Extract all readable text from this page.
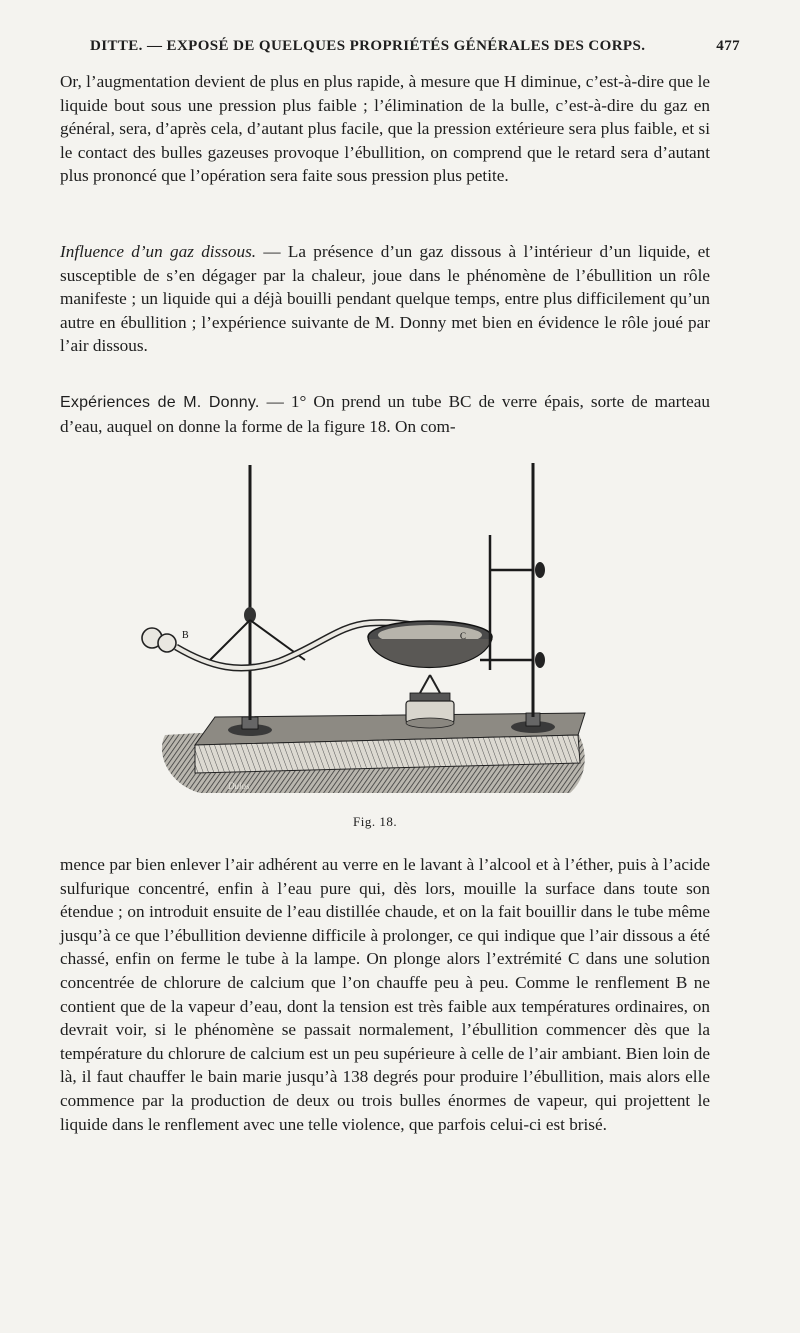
DITTE. — EXPOSÉ DE QUELQUES PROPRIÉTÉS GÉNÉRALES DES CORPS.	477

Or, l’augmentation devient de plus en plus rapide, à mesure que H diminue, c’est-à-dire que le liquide bout sous une pression plus faible ; l’élimination de la bulle, c’est-à-dire du gaz en général, sera, d’après cela, d’autant plus facile, que la pression extérieure sera plus faible, et si le contact des bulles gazeuses provoque l’ébullition, on comprend que le retard sera d’autant plus prononcé que l’opération sera faite sous pression plus petite.

Influence d’un gaz dissous. — La présence d’un gaz dissous à l’intérieur d’un liquide, et susceptible de s’en dégager par la chaleur, joue dans le phénomène de l’ébullition un rôle manifeste ; un liquide qui a déjà bouilli pendant quelque temps, entre plus difficilement qu’un autre en ébullition ; l’expérience suivante de M. Donny met bien en évidence le rôle joué par l’air dissous.

Expériences de M. Donny. — 1° On prend un tube BC de verre épais, sorte de marteau d’eau, auquel on donne la forme de la figure 18. On com-

B	C
Dulos
Fig. 18.

mence par bien enlever l’air adhérent au verre en le lavant à l’alcool et à l’éther, puis à l’acide sulfurique concentré, enfin à l’eau pure qui, dès lors, mouille la surface dans toute son étendue ; on introduit ensuite de l’eau distillée chaude, et on la fait bouillir dans le tube même jusqu’à ce que l’ébullition devienne difficile à prolonger, ce qui indique que l’air dissous a été chassé, enfin on ferme le tube à la lampe. On plonge alors l’extrémité C dans une solution concentrée de chlorure de calcium que l’on chauffe peu à peu. Comme le renflement B ne contient que de la vapeur d’eau, dont la tension est très faible aux températures ordinaires, on devrait voir, si le phénomène se passait normalement, l’ébullition commencer dès que la température du chlorure de calcium est un peu supérieure à celle de l’air ambiant. Bien loin de là, il faut chauffer le bain marie jusqu’à 138 degrés pour produire l’ébullition, mais alors elle commence par la production de deux ou trois bulles énormes de vapeur, qui projettent le liquide dans le renflement avec une telle violence, que parfois celui-ci est brisé.
